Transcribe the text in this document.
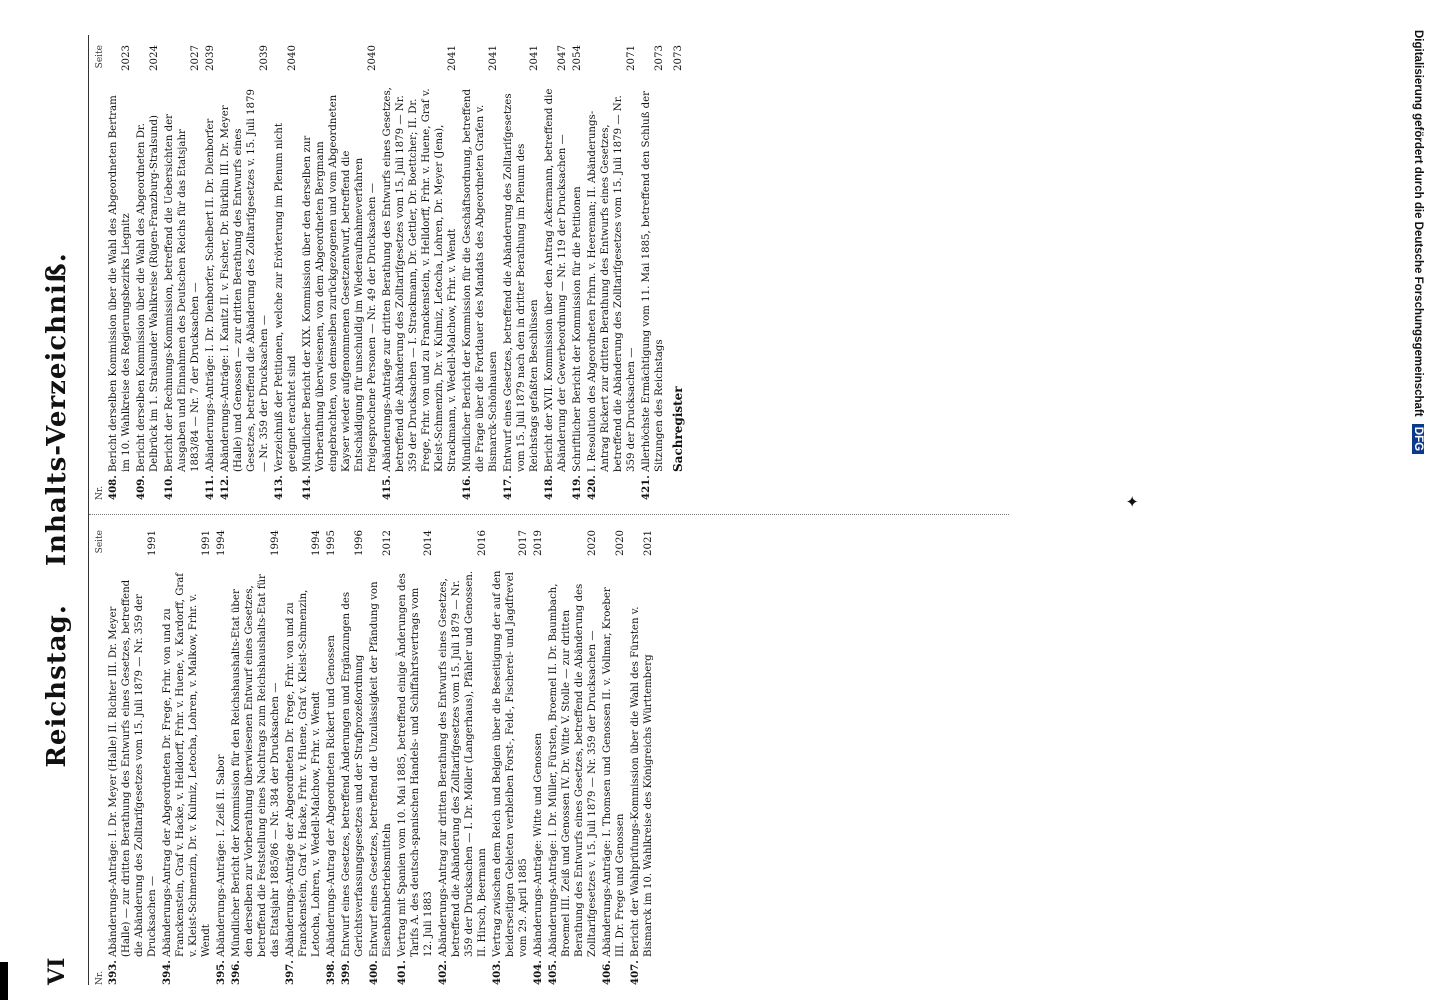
✦
Digitalisierung gefördert durch die Deutsche Forschungsgemeinschaft DFG
VI
Reichstag. Inhalts-Verzeichniß.
Nr.
Seite
393.
Abänderungs-Anträge: I. Dr. Meyer (Halle) II. Richter III. Dr. Meyer (Halle) — zur dritten Berathung des Entwurfs eines Gesetzes, betreffend die Abänderung des Zolltarifgesetzes vom 15. Juli 1879 — Nr. 359 der Drucksachen —
1991
394.
Abänderungs-Antrag der Abgeordneten Dr. Frege, Frhr. von und zu Franckenstein, Graf v. Hacke, v. Helldorff, Frhr. v. Huene, v. Kardorff, Graf v. Kleist-Schmenzin, Dr. v. Kulmiz, Letocha, Lohren, v. Malkow, Frhr. v. Wendt
1991
395.
Abänderungs-Anträge: I. Zeiß II. Sabor
1994
396.
Mündlicher Bericht der Kommission für den Reichshaushalts-Etat über den derselben zur Vorberathung überwiesenen Entwurf eines Gesetzes, betreffend die Feststellung eines Nachtrags zum Reichshaushalts-Etat für das Etatsjahr 1885/86 — Nr. 384 der Drucksachen —
1994
397.
Abänderungs-Anträge der Abgeordneten Dr. Frege, Frhr. von und zu Franckenstein, Graf v. Hacke, Frhr. v. Huene, Graf v. Kleist-Schmenzin, Letocha, Lohren, v. Wedell-Malchow, Frhr. v. Wendt
1994
398.
Abänderungs-Antrag der Abgeordneten Rickert und Genossen
1995
399.
Entwurf eines Gesetzes, betreffend Änderungen und Ergänzungen des Gerichtsverfassungsgesetzes und der Strafprozeßordnung
1996
400.
Entwurf eines Gesetzes, betreffend die Unzulässigkeit der Pfändung von Eisenbahnbetriebsmitteln
2012
401.
Vertrag mit Spanien vom 10. Mai 1885, betreffend einige Änderungen des Tarifs A. des deutsch-spanischen Handels- und Schiffahrtsvertrags vom 12. Juli 1883
2014
402.
Abänderungs-Antrag zur dritten Berathung des Entwurfs eines Gesetzes, betreffend die Abänderung des Zolltarifgesetzes vom 15. Juli 1879 — Nr. 359 der Drucksachen — I. Dr. Möller (Langerhaus), Pfähler und Genossen. II. Hirsch, Beermann
2016
403.
Vertrag zwischen dem Reich und Belgien über die Beseitigung der auf den beiderseitigen Gebieten verbleiben Forst-, Feld-, Fischerei- und Jagdfrevel vom 29. April 1885
2017
404.
Abänderungs-Anträge: Witte und Genossen
2019
405.
Abänderungs-Anträge: I. Dr. Müller, Fürsten, Broemel II. Dr. Baumbach, Broemel III. Zeiß und Genossen IV. Dr. Witte V. Stolle — zur dritten Berathung des Entwurfs eines Gesetzes, betreffend die Abänderung des Zolltarifgesetzes v. 15. Juli 1879 — Nr. 359 der Drucksachen —
2020
406.
Abänderungs-Anträge: I. Thomsen und Genossen II. v. Vollmar, Kroeber III. Dr. Frege und Genossen
2020
407.
Bericht der Wahlprüfungs-Kommission über die Wahl des Fürsten v. Bismarck im 10. Wahlkreise des Königreichs Württemberg
2021
Nr.
Seite
408.
Bericht derselben Kommission über die Wahl des Abgeordneten Bertram im 10. Wahlkreise des Regierungsbezirks Liegnitz
2023
409.
Bericht derselben Kommission über die Wahl des Abgeordneten Dr. Delbrück im 1. Stralsunder Wahlkreise (Rügen-Franzburg-Stralsund)
2024
410.
Bericht der Rechnungs-Kommission, betreffend die Uebersichten der Ausgaben und Einnahmen des Deutschen Reichs für das Etatsjahr 1883/84 — Nr. 7 der Drucksachen —
2027
411.
Abänderungs-Anträge: I. Dr. Dienborfer, Schelbert II. Dr. Dienborfer
2039
412.
Abänderungs-Anträge: I. Kanitz II. v. Fischer, Dr. Bürklin III. Dr. Meyer (Halle) und Genossen — zur dritten Berathung des Entwurfs eines Gesetzes, betreffend die Abänderung des Zolltarifgesetzes v. 15. Juli 1879 — Nr. 359 der Drucksachen —
2039
413.
Verzeichniß der Petitionen, welche zur Erörterung im Plenum nicht geeignet erachtet sind
2040
414.
Mündlicher Bericht der XIX. Kommission über den derselben zur Vorberathung überwiesenen, von dem Abgeordneten Bergmann eingebrachten, von demselben zurückgezogenen und vom Abgeordneten Kayser wieder aufgenommenen Gesetzentwurf, betreffend die Entschädigung für unschuldig im Wiederaufnahmeverfahren freigesprochene Personen — Nr. 49 der Drucksachen —
2040
415.
Abänderungs-Anträge zur dritten Berathung des Entwurfs eines Gesetzes, betreffend die Abänderung des Zolltarifgesetzes vom 15. Juli 1879 — Nr. 359 der Drucksachen — I. Strackmann, Dr. Gettler, Dr. Boettcher; II. Dr. Frege, Frhr. von und zu Franckenstein, v. Helldorff, Frhr. v. Huene, Graf v. Kleist-Schmenzin, Dr. v. Kulmiz, Letocha, Lohren, Dr. Meyer (Jena), Strackmann, v. Wedell-Malchow, Frhr. v. Wendt
2041
416.
Mündlicher Bericht der Kommission für die Geschäftsordnung, betreffend die Frage über die Fortdauer des Mandats des Abgeordneten Grafen v. Bismarck-Schönhausen
2041
417.
Entwurf eines Gesetzes, betreffend die Abänderung des Zolltarifgesetzes vom 15. Juli 1879 nach den in dritter Berathung im Plenum des Reichstags gefaßten Beschlüssen
2041
418.
Bericht der XVII. Kommission über den Antrag Ackermann, betreffend die Abänderung der Gewerbeordnung — Nr. 119 der Drucksachen —
2047
419.
Schriftlicher Bericht der Kommission für die Petitionen
2054
420.
I. Resolution des Abgeordneten Frhrn. v. Heereman; II. Abänderungs-Antrag Rickert zur dritten Berathung des Entwurfs eines Gesetzes, betreffend die Abänderung des Zolltarifgesetzes vom 15. Juli 1879 — Nr. 359 der Drucksachen —
2071
421.
Allerhöchste Ermächtigung vom 11. Mai 1885, betreffend den Schluß der Sitzungen des Reichstags
2073
Sachregister
2073
